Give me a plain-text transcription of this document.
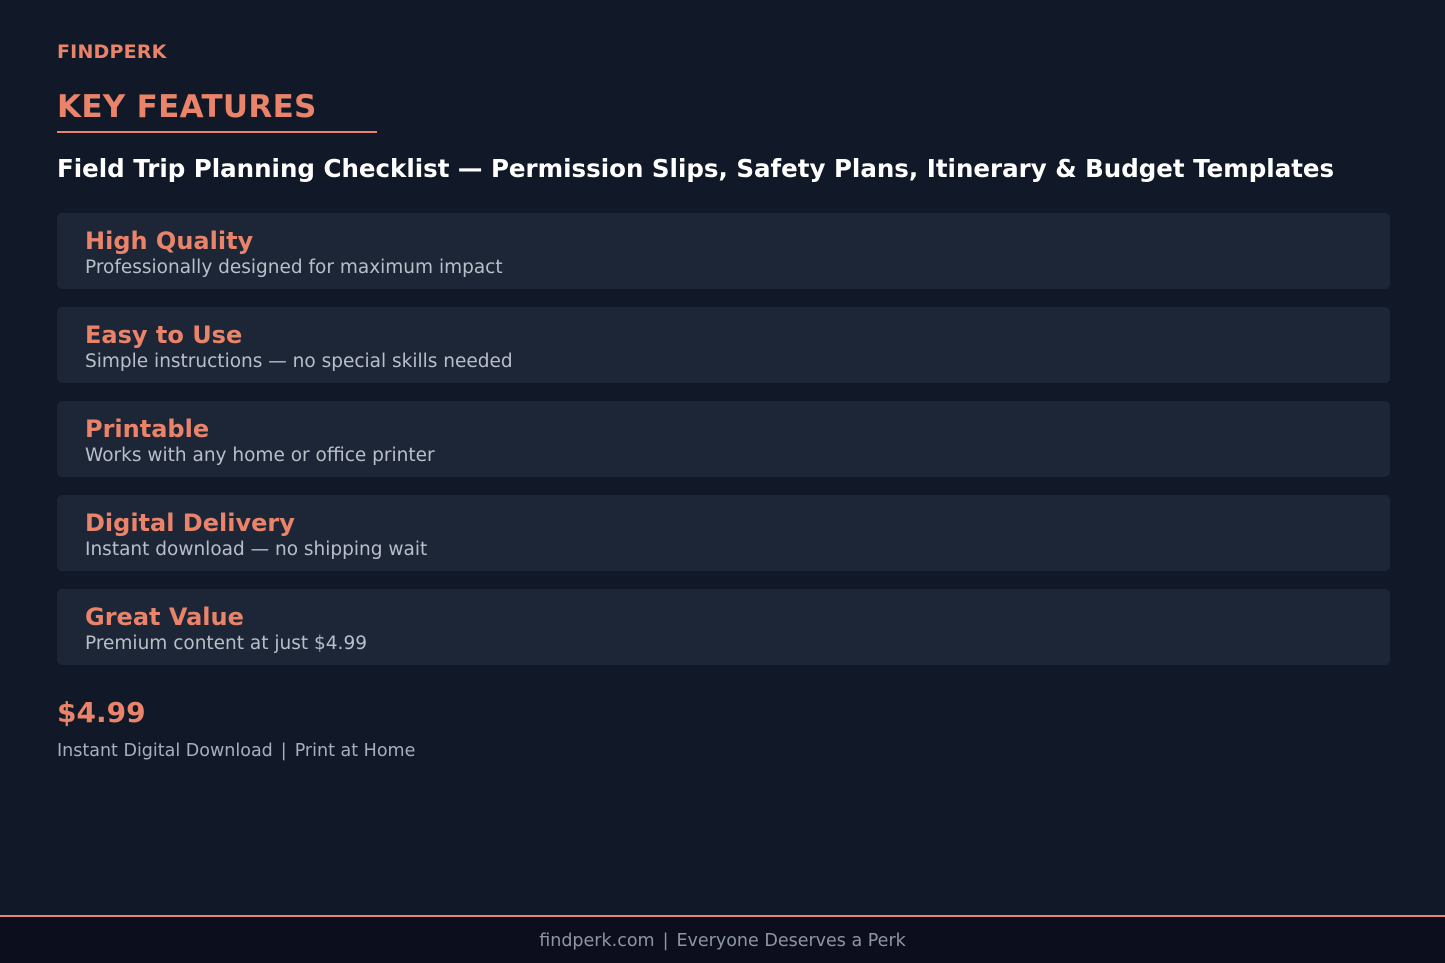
FINDPERK
KEY FEATURES
Field Trip Planning Checklist — Permission Slips, Safety Plans, Itinerary & Budget Templates
High Quality
Professionally designed for maximum impact
Easy to Use
Simple instructions — no special skills needed
Printable
Works with any home or office printer
Digital Delivery
Instant download — no shipping wait
Great Value
Premium content at just $4.99
$4.99
Instant Digital Download | Print at Home
findperk.com | Everyone Deserves a Perk
